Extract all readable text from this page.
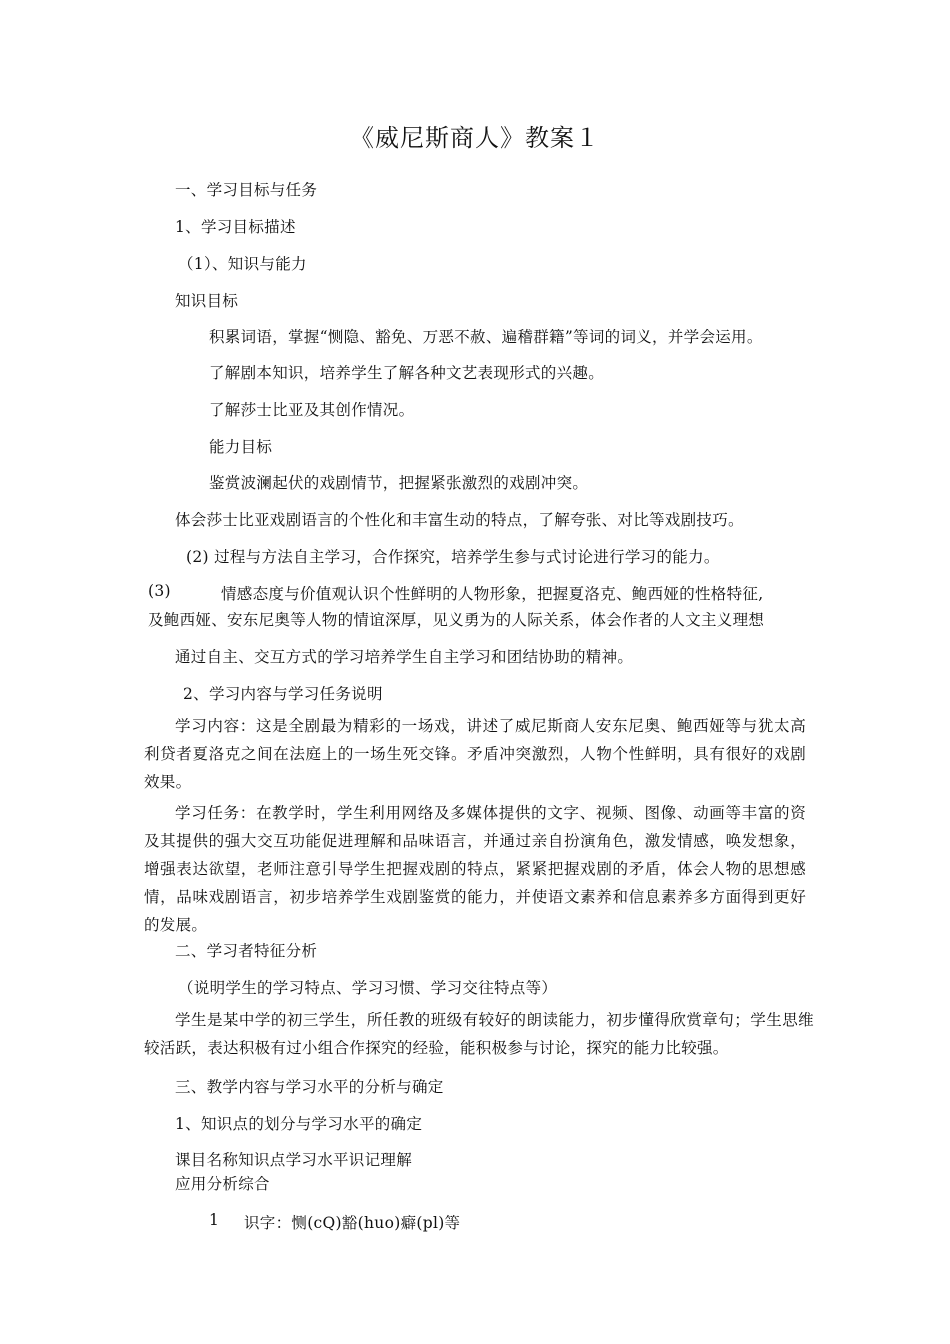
《威尼斯商人》教案１
一、学习目标与任务
1、学习目标描述
（1）、知识与能力
知识目标
积累词语，掌握“恻隐、豁免、万恶不赦、遍稽群籍”等词的词义，并学会运用。
了解剧本知识，培养学生了解各种文艺表现形式的兴趣。
了解莎士比亚及其创作情况。
能力目标
鉴赏波澜起伏的戏剧情节，把握紧张激烈的戏剧冲突。
体会莎士比亚戏剧语言的个性化和丰富生动的特点，了解夸张、对比等戏剧技巧。
(2) 过程与方法自主学习，合作探究，培养学生参与式讨论进行学习的能力。
(3)	情感态度与价值观认识个性鲜明的人物形象，把握夏洛克、鲍西娅的性格特征,
及鲍西娅、安东尼奥等人物的情谊深厚，见义勇为的人际关系，体会作者的人文主义理想
通过自主、交互方式的学习培养学生自主学习和团结协助的精神。
2、学习内容与学习任务说明
学习内容：这是全剧最为精彩的一场戏，讲述了威尼斯商人安东尼奥、鲍西娅等与犹太高利贷者夏洛克之间在法庭上的一场生死交锋。矛盾冲突激烈，人物个性鲜明，具有很好的戏剧效果。
学习任务：在教学时，学生利用网络及多媒体提供的文字、视频、图像、动画等丰富的资及其提供的强大交互功能促进理解和品味语言，并通过亲自扮演角色，激发情感，唤发想象，增强表达欲望，老师注意引导学生把握戏剧的特点，紧紧把握戏剧的矛盾，体会人物的思想感情，品味戏剧语言，初步培养学生戏剧鉴赏的能力，并使语文素养和信息素养多方面得到更好的发展。
二、学习者特征分析
（说明学生的学习特点、学习习惯、学习交往特点等）
学生是某中学的初三学生，所任教的班级有较好的朗读能力，初步懂得欣赏章句；学生思维较活跃，表达积极有过小组合作探究的经验，能积极参与讨论，探究的能力比较强。
三、教学内容与学习水平的分析与确定
1、知识点的划分与学习水平的确定
课目名称知识点学习水平识记理解
应用分析综合
1 识字：恻(cQ)豁(huo)癖(pl)等
